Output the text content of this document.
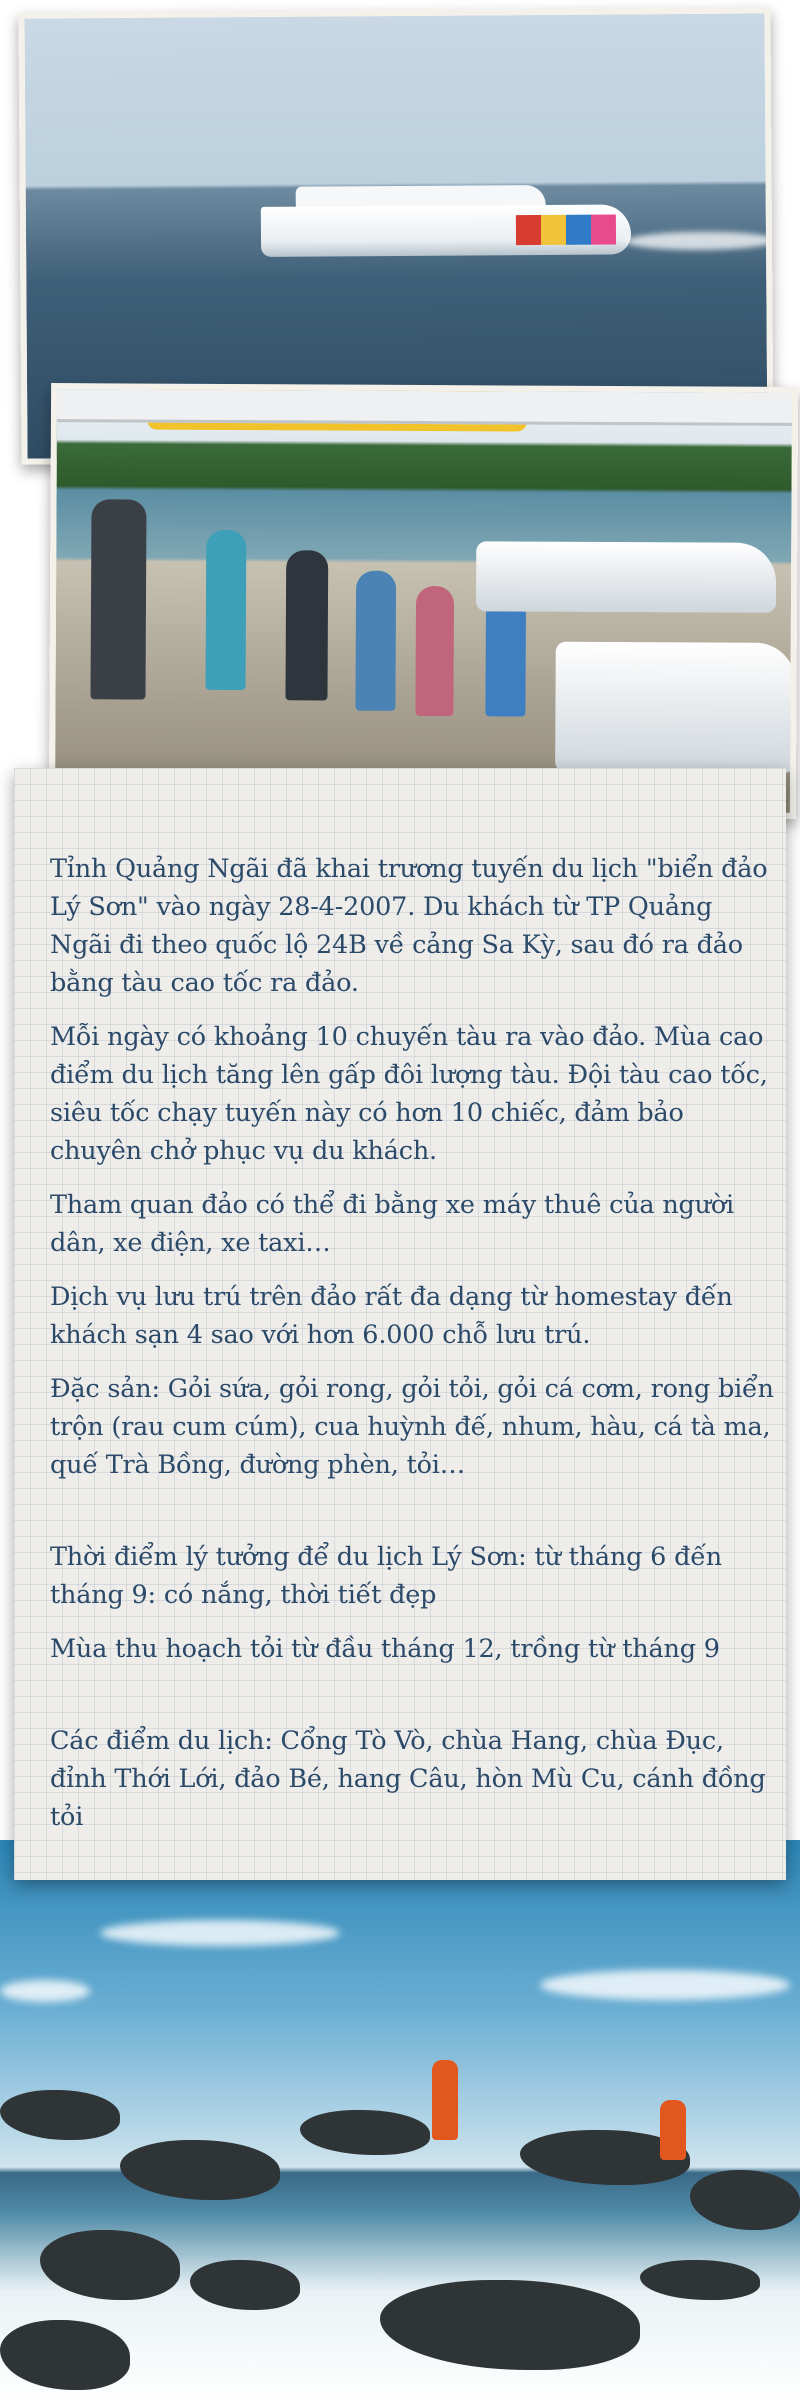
Tỉnh Quảng Ngãi đã khai trương tuyến du lịch "biển đảo Lý Sơn" vào ngày 28-4-2007. Du khách từ TP Quảng Ngãi đi theo quốc lộ 24B về cảng Sa Kỳ, sau đó ra đảo bằng tàu cao tốc ra đảo.

Mỗi ngày có khoảng 10 chuyến tàu ra vào đảo. Mùa cao điểm du lịch tăng lên gấp đôi lượng tàu. Đội tàu cao tốc, siêu tốc chạy tuyến này có hơn 10 chiếc, đảm bảo chuyên chở phục vụ du khách.

Tham quan đảo có thể đi bằng xe máy thuê của người dân, xe điện, xe taxi…

Dịch vụ lưu trú trên đảo rất đa dạng từ homestay đến khách sạn 4 sao với hơn 6.000 chỗ lưu trú.

Đặc sản: Gỏi sứa, gỏi rong, gỏi tỏi, gỏi cá cơm, rong biển trộn (rau cum cúm), cua huỳnh đế, nhum, hàu, cá tà ma, quế Trà Bồng, đường phèn, tỏi…

Thời điểm lý tưởng để du lịch Lý Sơn: từ tháng 6 đến tháng 9: có nắng, thời tiết đẹp

Mùa thu hoạch tỏi từ đầu tháng 12, trồng từ tháng 9

Các điểm du lịch: Cổng Tò Vò, chùa Hang, chùa Đục, đỉnh Thới Lới, đảo Bé, hang Câu, hòn Mù Cu, cánh đồng tỏi
